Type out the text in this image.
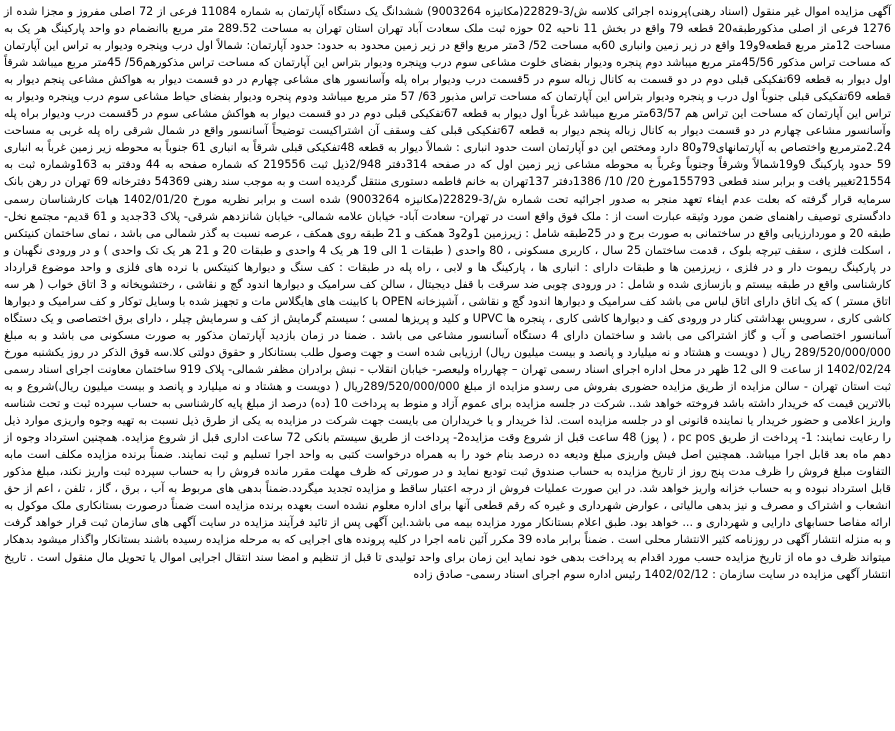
آگهی مزایده اموال غیر منقول (اسناد رهنی)پرونده اجرائی کلاسه ش/3-22829(مکانیزه 9003264) ششدانگ یک دستگاه آپارتمان به شماره 11084 فرعی از 72 اصلی مفروز و مجزا شده از 1276 فرعی از اصلی مذکورطبقه20 قطعه 79 واقع در بخش 11 ناحیه 02 حوزه ثبت ملک سعادت آباد تهران استان تهران به مساحت 289.52 متر مربع باانضمام دو واحد پارکینگ هر یک به مساحت 12متر مربع قطعه9و19 واقع در زیر زمین وانباری 60به مساحت 52/ 3متر مربع واقع در زیر زمین محدود به حدود: حدود آپارتمان: شمالاً اول درب وپنجره وديوار به تراس این آپارتمان که مساحت تراس مذکور 45/56متر مربع میباشد دوم پنجره وديوار بفضای خلوت مشاعی سوم درب وپنجره وديوار بتراس این آپارتمان که مساحت تراس مذکورهم56/ 45متر مربع میباشد شرقاً اول دیوار به قطعه 69تفکیکی قبلی دوم در دو قسمت به کانال زباله سوم در 5قسمت درب وديوار براه پله وآسانسور های مشاعی چهارم در دو قسمت دیوار به هواکش مشاعی پنجم دیوار به قطعه 69تفکیکی قبلی جنوباً اول درب و پنجره وديوار بتراس این آپارتمان که مساحت تراس مذبور 63/ 57 متر مربع میباشد ودوم پنجره وديوار بفضای حیاط مشاعی سوم درب وپنجره وديوار به تراس این آپارتمان که مساحت این تراس هم 63/57متر مربع میباشد غرباً اول دیوار به قطعه 67تفکیکی قبلی دوم در دو قسمت دیوار به هواکش مشاعی سوم در 5قسمت درب وديوار براه پله وآسانسور مشاعی چهارم در دو قسمت دیوار به کانال زباله پنجم دیوار به قطعه 67تفکیکی قبلی کف وسقف آن اشتراکیست توضیحاً آسانسور واقع در شمال شرقی راه پله غربی به مساحت 2.24مترمربع واختصاص به آپارتمانهای79و80 دارد ومختص این دو آپارتمان است حدود انباری : شمالاً دیوار به قطعه 48تفکیکی قبلی شرقاً به انباری 61 جنوباً به محوطه زیر زمین غرباً به انباری 59 حدود پارکینگ 9و19شمالاً وشرقاً وجنوباً وغرباً به محوطه مشاعی زیر زمین اول که در صفحه 314دفتر 2/948ذیل ثبت 219556 که شماره صفحه به 44 ودفتر به 163وشماره ثبت به 21554تغییر یافت و برابر سند قطعی 155793مورخ 20/ 10/ 1386دفتر 137تهران به خانم فاطمه دستوری منتقل گردیده است و به موجب سند رهنی 54369 دفترخانه 69 تهران در رهن بانک سرمایه قرار گرفته که بعلت عدم ایفاء تعهد منجر به صدور اجرائیه تحت شماره ش/3-22829(مکانیزه 9003264) شده است و برابر نظریه مورخ 1402/01/20 هیات کارشناسان رسمی دادگستری توصیف راهنمای ضمن مورد وثیقه عبارت است از : ملک فوق واقع است در تهران- سعادت آباد- خیابان علامه شمالی- خیابان شانزدهم شرقی- پلاک 33جدید و 61 قدیم- مجتمع نخل- طبقه 20 و موردارزیابی واقع در ساختمانی به صورت برج و در 25طبقه شامل : زیرزمین 1و2و3 همکف و 21 طبقه روی همکف ، عرصه نسبت به گذر شمالی می باشد ، نمای ساختمان کنیتکس ، اسکلت فلزی ، سقف تیرچه بلوک ، قدمت ساختمان 25 سال ، کاربری مسکونی ، 80 واحدی ( طبقات 1 الی 19 هر یک 4 واحدی و طبقات 20 و 21 هر یک تک واحدی ) و در ورودی نگهبان و در پارکینگ ریموت دار و در فلزی ، زیرزمین ها و طبقات دارای : انباری ها ، پارکینگ ها و لابی ، راه پله در طبقات : کف سنگ و دیوارها کنیتکس با نرده های فلزی و واحد موضوع قرارداد کارشناسی واقع در طبقه بیستم و بازسازی شده و شامل : در ورودی چوبی ضد سرقت با قفل دیجیتال ، سالن کف سرامیک و دیوارها اندود گچ و نقاشی ، رختشویخانه و 3 اتاق خواب ( هر سه اتاق مستر ) که یک اتاق دارای اتاق لباس می باشد کف سرامیک و دیوارها اندود گچ و نقاشی ، آشپزخانه OPEN با کابینت های هایگلاس مات و تجهیز شده با وسایل توکار و کف سرامیک و دیوارها کاشی کاری ، سرویس بهداشتی کنار در ورودی کف و دیوارها کاشی کاری ، پنجره ها UPVC و کلید و پریزها لمسی ؛ سیستم گرمایش از کف و سرمایش چیلر ، دارای برق اختصاصی و یک دستگاه آسانسور اختصاصی و آب و گاز اشتراکی می باشد و ساختمان دارای 4 دستگاه آسانسور مشاعی می باشد . ضمنا در زمان بازدید آپارتمان مذکور به صورت مسکونی می باشد و به مبلغ 289/520/000/000 ریال ( دویست و هشتاد و نه میلیارد و پانصد و بیست میلیون ریال) ارزیابی شده است و جهت وصول طلب بستانکار و حقوق دولتی کلا.سه قوق الذکر در روز یکشنبه مورخ 1402/02/24 از ساعت 9 الی 12 ظهر در محل اداره اجرای اسناد رسمی تهران – چهارراه ولیعصر- خیابان انقلاب - نبش برادران مظفر شمالی- پلاک 919 ساختمان معاونت اجرای اسناد رسمی ثبت استان تهران - سالن مزایده از طریق مزایده حضوری بفروش می رسدو مزایده از مبلغ 289/520/000/000ریال ( دویست و هشتاد و نه میلیارد و پانصد و بیست میلیون ریال)شروع و به بالاترین قیمت که خریدار داشته باشد فروخته خواهد شد.. شرکت در جلسه مزایده برای عموم آزاد و منوط به پرداخت 10 (ده) درصد از مبلغ پایه کارشناسی به حساب سپرده ثبت و تحت شناسه واریز اعلامی و حضور خریدار یا نماینده قانونی او در جلسه مزایده است. لذا خریدار و یا خریداران می بایست جهت شرکت در مزایده به یکی از طرق ذیل نسبت به تهیه وجوه واریزی موارد ذیل را رعایت نمایند: 1- پرداخت از طریق pc pos ، ( پوز) 48 ساعت قبل از شروع وقت مزایده2- پرداخت از طریق سیستم بانکی 72 ساعت اداری قبل از شروع مزایده. همچنین استرداد وجوه از دهم ماه بعد قابل اجرا میباشد. همچنین اصل فیش واریزی مبلغ ودیعه ده درصد بنام خود را به همراه درخواست کتبی به واحد اجرا تسلیم و ثبت نمایند. ضمناً برنده مزایده مکلف است مابه التفاوت مبلغ فروش را ظرف مدت پنج روز از تاریخ مزایده به حساب صندوق ثبت تودیع نماید و در صورتی که ظرف مهلت مقرر مانده فروش را به حساب سپرده ثبت واریز نکند، مبلغ مذکور قابل استرداد نبوده و به حساب خزانه واریز خواهد شد. در این صورت عملیات فروش از درجه اعتبار ساقط و مزایده تجدید میگردد.ضمناً بدهی های مربوط به آب ، برق ، گاز ، تلفن ، اعم از حق انشعاب و اشتراک و مصرف و نیز بدهی مالیاتی ، عوارض شهرداری و غیره که رقم قطعی آنها برای اداره معلوم نشده است بعهده برنده مزایده است ضمناً درصورت بستانکاری ملک موکول به ارائه مفاصا حسابهای دارایی و شهرداری و ... خواهد بود. طبق اعلام بستانکار مورد مزایده بیمه می باشد.این آگهی پس از تائید فرآیند مزایده در سایت آگهی های سازمان ثبت قرار خواهد گرفت و به منزله انتشار آگهی در روزنامه کثیر الانتشار محلی است . ضمناً برابر ماده 39 مکرر آئین نامه اجرا در کلیه پرونده های اجرایی که به مرحله مزایده رسیده باشند بستانکار واگذار میشود بدهکار میتواند ظرف دو ماه از تاریخ مزایده حسب مورد اقدام به پرداخت بدهی خود نماید این زمان برای واحد تولیدی تا قبل از تنظیم و امضا سند انتقال اجرایی اموال یا تحویل مال منقول است . تاریخ انتشار آگهی مزایده در سایت سازمان : 1402/02/12 رئیس اداره سوم اجرای اسناد رسمی- صادق زاده
